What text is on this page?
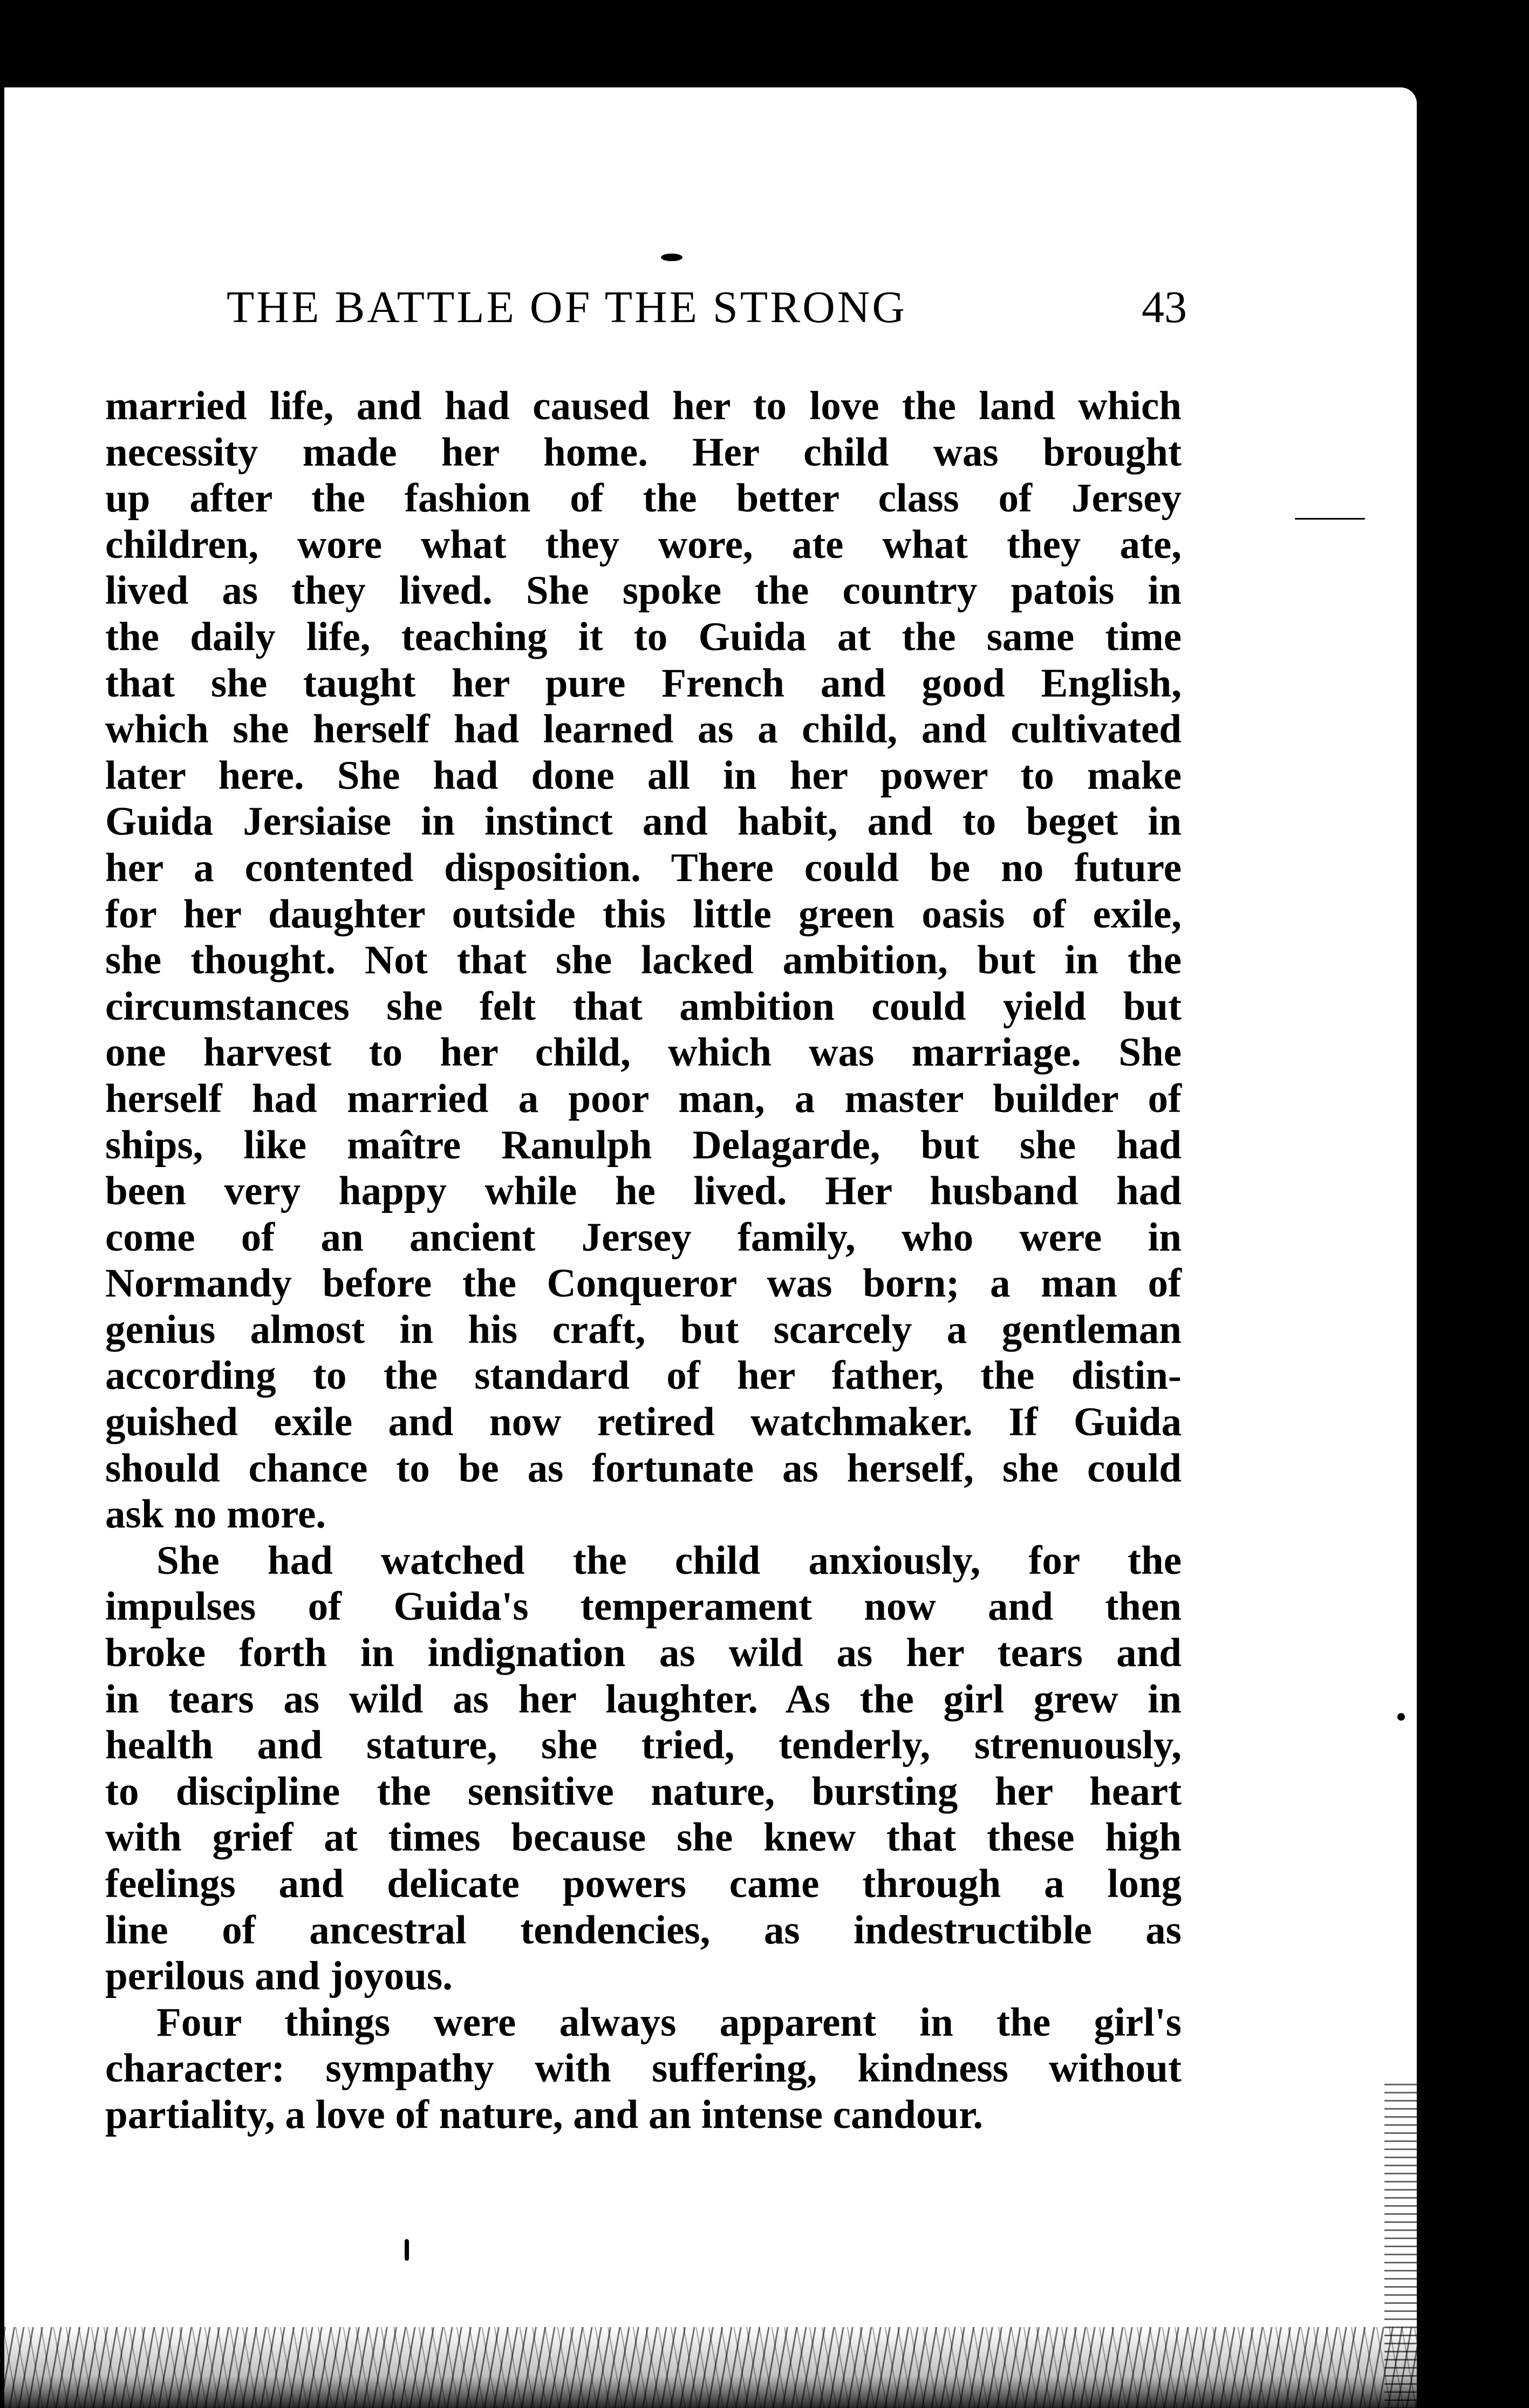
THE BATTLE OF THE STRONG	43
married life, and had caused her to love the land which
necessity made her home. Her child was brought
up after the fashion of the better class of Jersey
children, wore what they wore, ate what they ate,
lived as they lived. She spoke the country patois in
the daily life, teaching it to Guida at the same time
that she taught her pure French and good English,
which she herself had learned as a child, and cultivated
later here. She had done all in her power to make
Guida Jersiaise in instinct and habit, and to beget in
her a contented disposition. There could be no future
for her daughter outside this little green oasis of exile,
she thought. Not that she lacked ambition, but in the
circumstances she felt that ambition could yield but
one harvest to her child, which was marriage. She
herself had married a poor man, a master builder of
ships, like maître Ranulph Delagarde, but she had
been very happy while he lived. Her husband had
come of an ancient Jersey family, who were in
Normandy before the Conqueror was born; a man of
genius almost in his craft, but scarcely a gentleman
according to the standard of her father, the distin-
guished exile and now retired watchmaker. If Guida
should chance to be as fortunate as herself, she could
ask no more.
She had watched the child anxiously, for the
impulses of Guida's temperament now and then
broke forth in indignation as wild as her tears and
in tears as wild as her laughter. As the girl grew in
health and stature, she tried, tenderly, strenuously,
to discipline the sensitive nature, bursting her heart
with grief at times because she knew that these high
feelings and delicate powers came through a long
line of ancestral tendencies, as indestructible as
perilous and joyous.
Four things were always apparent in the girl's
character: sympathy with suffering, kindness without
partiality, a love of nature, and an intense candour.
